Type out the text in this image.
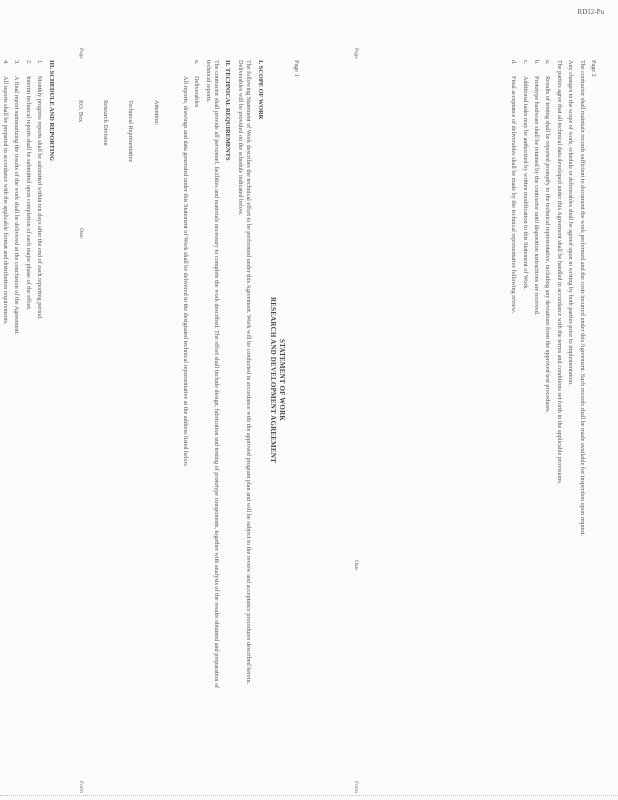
RD12-Pu
Page 1
STATEMENT OF WORK
RESEARCH AND DEVELOPMENT AGREEMENT
I. SCOPE OF WORK
The following Statement of Work describes the technical effort to be performed under this Agreement. Work will be conducted in accordance with the approved program plan and will be subject to the review and acceptance procedures described herein. Deliverables will be provided on the schedule indicated below.
II. TECHNICAL REQUIREMENTS
The contractor shall provide all personnel, facilities and materials necessary to complete the work described. The effort shall include design, fabrication and testing of prototype components, together with analysis of the results obtained and preparation of technical reports.
a.
Deliverables
All reports, drawings and data generated under this Statement of Work shall be delivered to the designated technical representative at the address listed below.

Attention:

Technical Representative

Research Division

P.O. Box

III. SCHEDULE AND REPORTING
1.
Monthly progress reports shall be submitted within ten days after the end of each reporting period.
2.
Interim technical reports shall be submitted upon completion of each major phase of the effort.
3.
A final report summarizing the results of the work shall be delivered at the conclusion of the Agreement.
4.
All reports shall be prepared in accordance with the applicable format and distribution requirements.
Form
Date
Page
Page 2
The contractor shall maintain records sufficient to document the work performed and the costs incurred under this Agreement. Such records shall be made available for inspection upon request.
Any changes to the scope of work, schedule or deliverables shall be agreed upon in writing by both parties prior to implementation.
The parties agree that all technical data developed under this Agreement shall be handled in accordance with the terms and conditions set forth in the applicable provisions.
a.
Results of testing shall be reported promptly to the technical representative, including any deviations from the approved test procedures.
b.
Prototype hardware shall be retained by the contractor until disposition instructions are received.
c.
Additional tasks may be authorized by written modification to this Statement of Work.
d.
Final acceptance of deliverables shall be made by the technical representative following review.
Form
Date
Page
